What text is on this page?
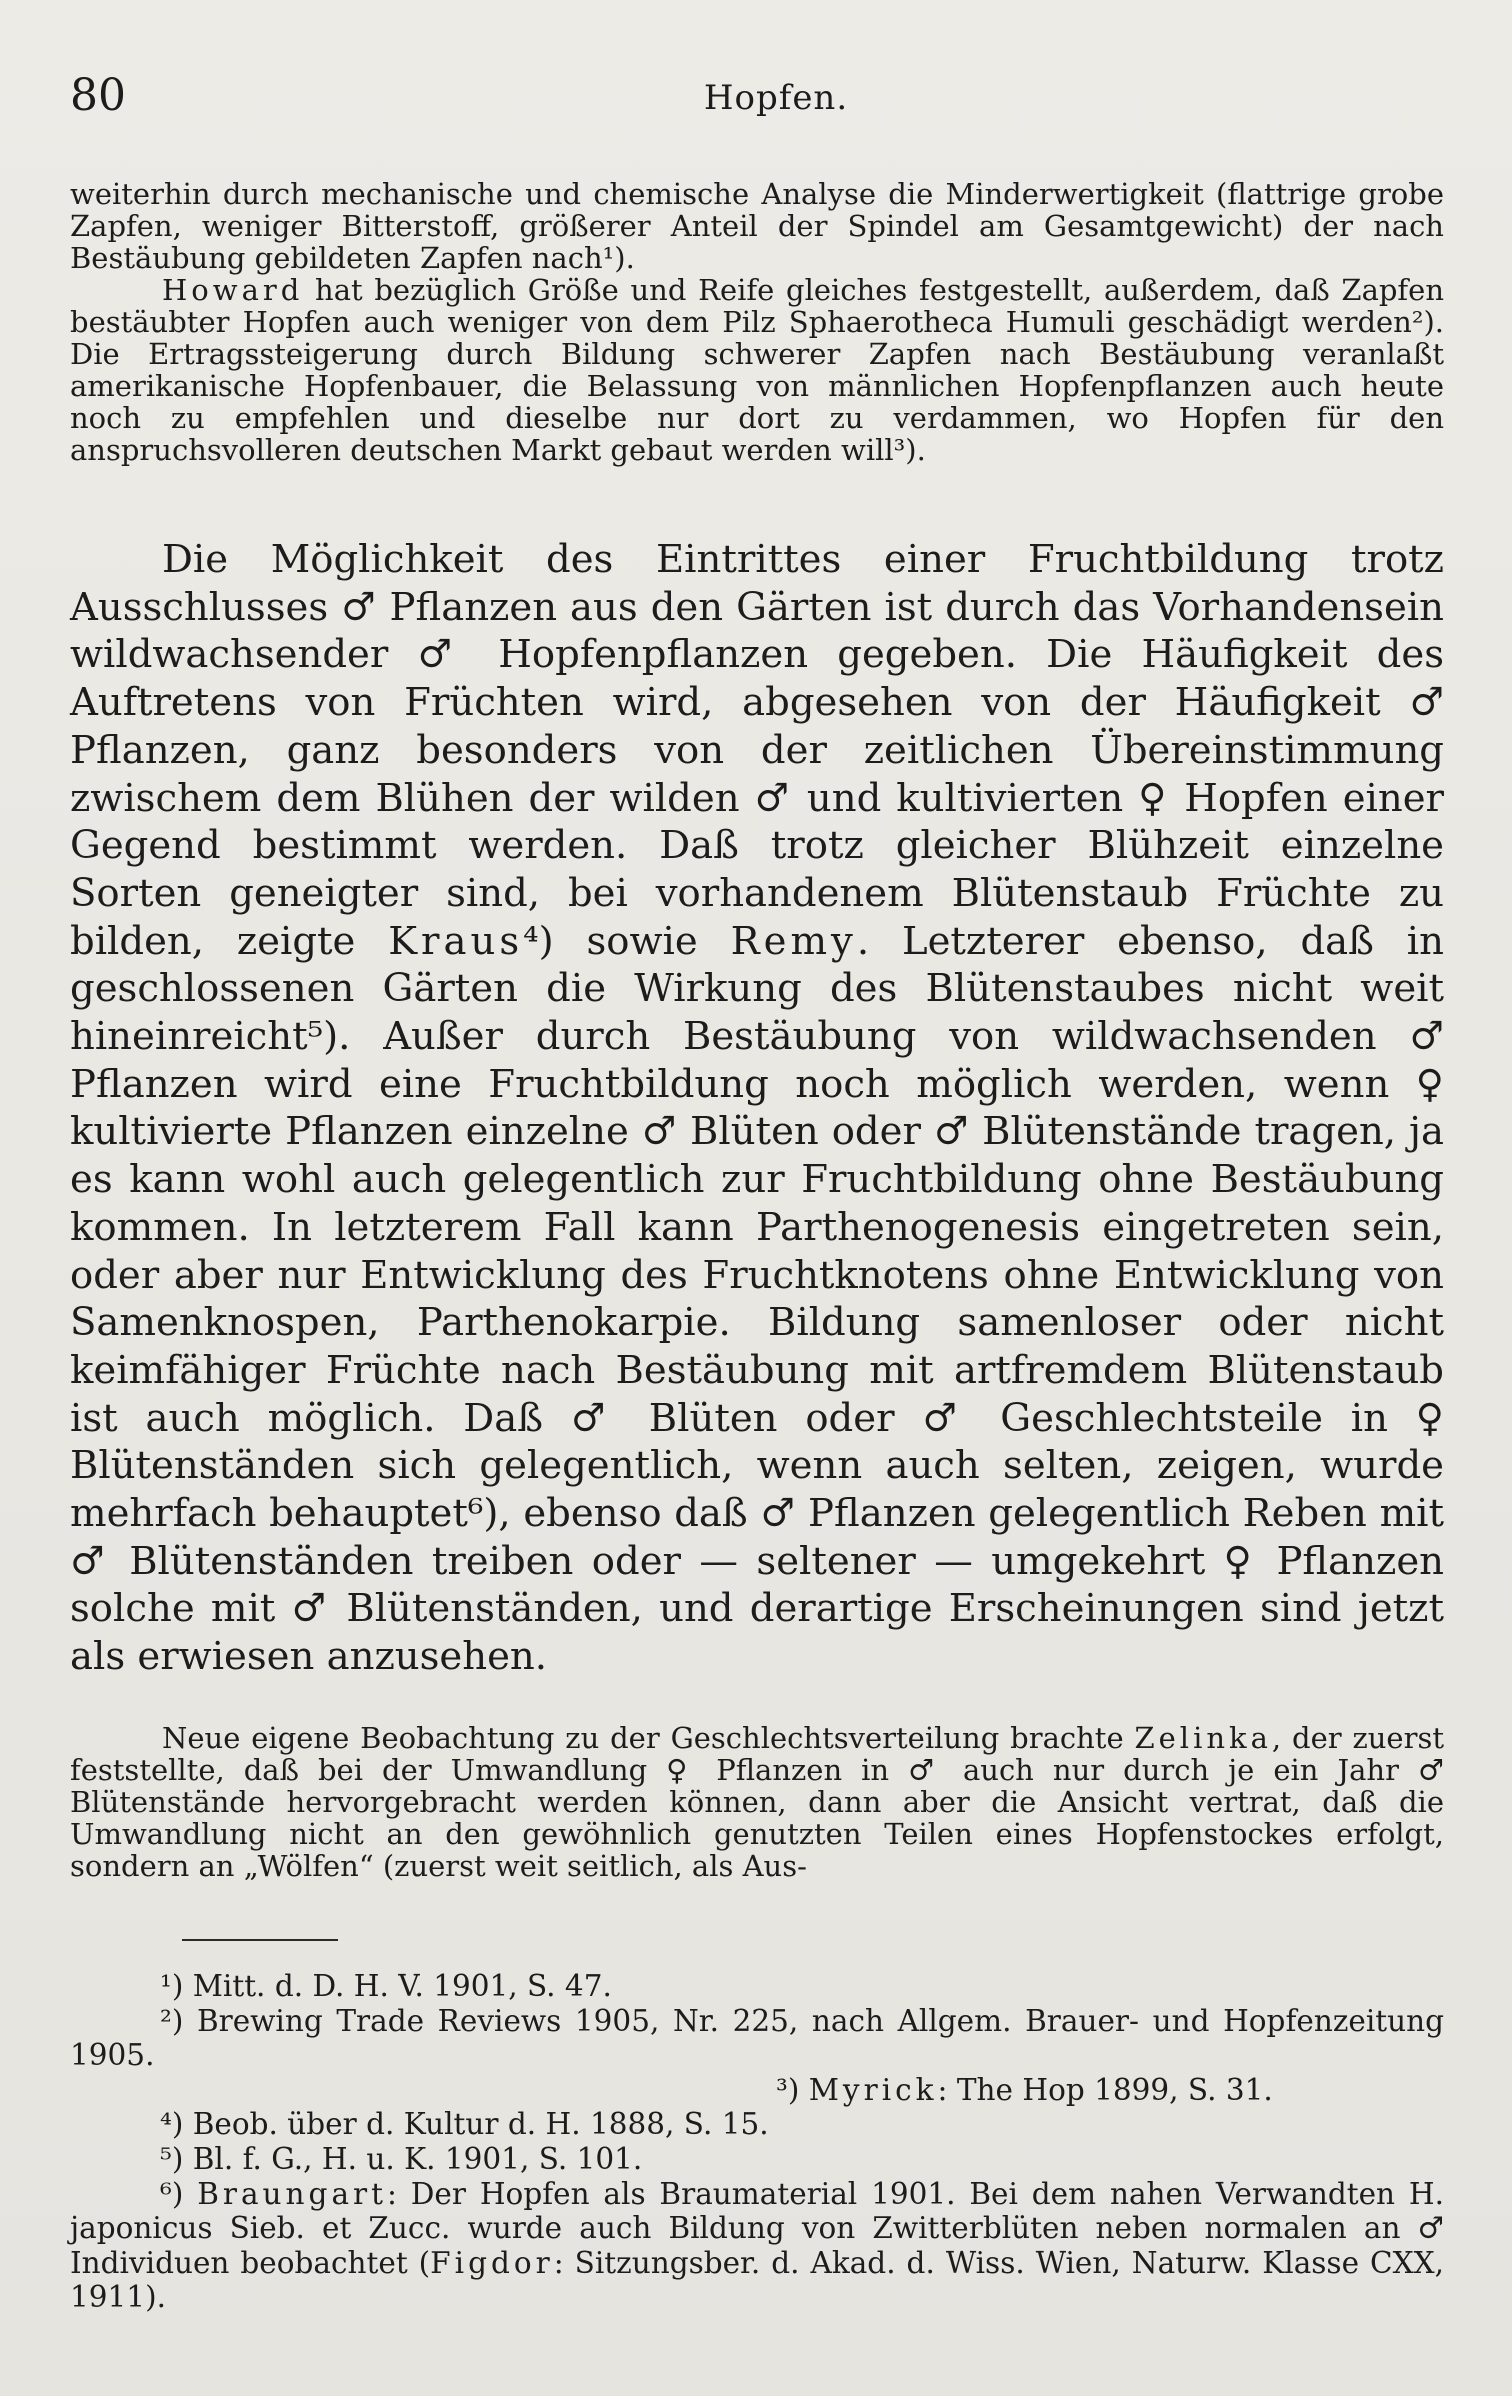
80	Hopfen.

weiterhin durch mechanische und chemische Analyse die Minderwertigkeit (flattrige grobe Zapfen, weniger Bitterstoff, größerer Anteil der Spindel am Gesamtgewicht) der nach Bestäubung gebildeten Zapfen nach¹).

Howard hat bezüglich Größe und Reife gleiches festgestellt, außerdem, daß Zapfen bestäubter Hopfen auch weniger von dem Pilz Sphaerotheca Humuli geschädigt werden²). Die Ertragssteigerung durch Bildung schwerer Zapfen nach Bestäubung veranlaßt amerikanische Hopfenbauer, die Belassung von männlichen Hopfenpflanzen auch heute noch zu empfehlen und dieselbe nur dort zu verdammen, wo Hopfen für den anspruchsvolleren deutschen Markt gebaut werden will³).

Die Möglichkeit des Eintrittes einer Fruchtbildung trotz Ausschlusses ♂ Pflanzen aus den Gärten ist durch das Vorhandensein wildwachsender ♂ Hopfenpflanzen gegeben. Die Häufigkeit des Auftretens von Früchten wird, abgesehen von der Häufigkeit ♂ Pflanzen, ganz besonders von der zeitlichen Übereinstimmung zwischem dem Blühen der wilden ♂ und kultivierten ♀ Hopfen einer Gegend bestimmt werden. Daß trotz gleicher Blühzeit einzelne Sorten geneigter sind, bei vorhandenem Blütenstaub Früchte zu bilden, zeigte Kraus⁴) sowie Remy. Letzterer ebenso, daß in geschlossenen Gärten die Wirkung des Blütenstaubes nicht weit hineinreicht⁵). Außer durch Bestäubung von wildwachsenden ♂ Pflanzen wird eine Fruchtbildung noch möglich werden, wenn ♀ kultivierte Pflanzen einzelne ♂ Blüten oder ♂ Blütenstände tragen, ja es kann wohl auch gelegentlich zur Fruchtbildung ohne Bestäubung kommen. In letzterem Fall kann Parthenogenesis eingetreten sein, oder aber nur Entwicklung des Fruchtknotens ohne Entwicklung von Samenknospen, Parthenokarpie. Bildung samenloser oder nicht keimfähiger Früchte nach Bestäubung mit artfremdem Blütenstaub ist auch möglich. Daß ♂ Blüten oder ♂ Geschlechtsteile in ♀ Blütenständen sich gelegentlich, wenn auch selten, zeigen, wurde mehrfach behauptet⁶), ebenso daß ♂ Pflanzen gelegentlich Reben mit ♂ Blütenständen treiben oder — seltener — umgekehrt ♀ Pflanzen solche mit ♂ Blütenständen, und derartige Erscheinungen sind jetzt als erwiesen anzusehen.

Neue eigene Beobachtung zu der Geschlechtsverteilung brachte Zelinka, der zuerst feststellte, daß bei der Umwandlung ♀ Pflanzen in ♂ auch nur durch je ein Jahr ♂ Blütenstände hervorgebracht werden können, dann aber die Ansicht vertrat, daß die Umwandlung nicht an den gewöhnlich genutzten Teilen eines Hopfenstockes erfolgt, sondern an „Wölfen“ (zuerst weit seitlich, als Aus-

¹) Mitt. d. D. H. V. 1901, S. 47.

²) Brewing Trade Reviews 1905, Nr. 225, nach Allgem. Brauer- und Hopfenzeitung 1905.

³) Myrick: The Hop 1899, S. 31.

⁴) Beob. über d. Kultur d. H. 1888, S. 15.

⁵) Bl. f. G., H. u. K. 1901, S. 101.

⁶) Braungart: Der Hopfen als Braumaterial 1901. Bei dem nahen Verwandten H. japonicus Sieb. et Zucc. wurde auch Bildung von Zwitterblüten neben normalen an ♂ Individuen beobachtet (Figdor: Sitzungsber. d. Akad. d. Wiss. Wien, Naturw. Klasse CXX, 1911).
